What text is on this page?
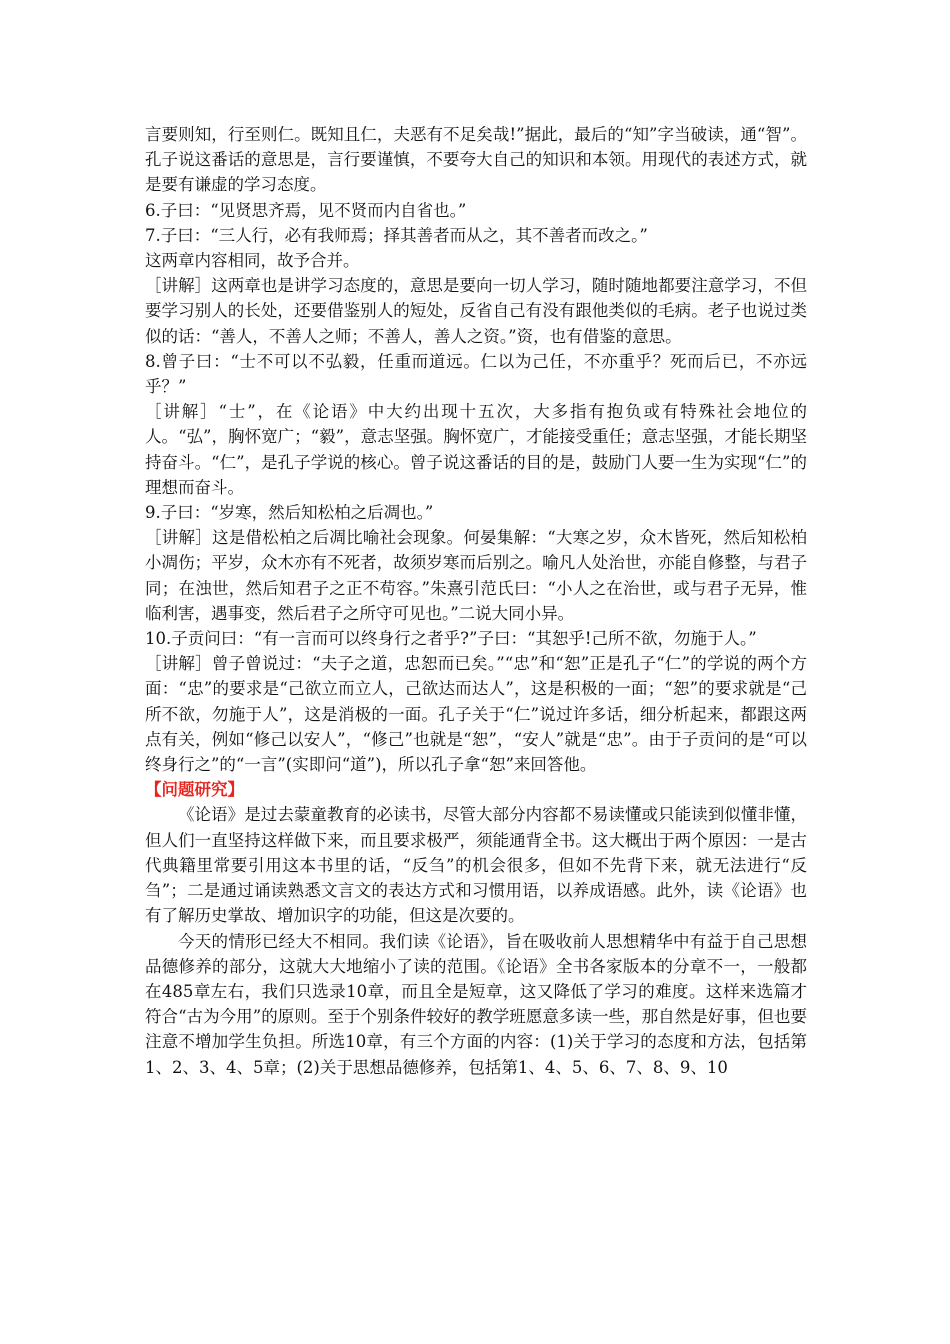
言要则知，行至则仁。既知且仁，夫恶有不足矣哉!”据此，最后的“知”字当破读，通“智”。孔子说这番话的意思是，言行要谨慎，不要夸大自己的知识和本领。用现代的表述方式，就是要有谦虚的学习态度。

6.子曰：“见贤思齐焉，见不贤而内自省也。”

7.子曰：“三人行，必有我师焉；择其善者而从之，其不善者而改之。”

这两章内容相同，故予合并。

［讲解］这两章也是讲学习态度的，意思是要向一切人学习，随时随地都要注意学习，不但要学习别人的长处，还要借鉴别人的短处，反省自己有没有跟他类似的毛病。老子也说过类似的话：“善人，不善人之师；不善人，善人之资。”资，也有借鉴的意思。

8.曾子曰：“士不可以不弘毅，任重而道远。仁以为己任，不亦重乎？死而后已，不亦远乎？”

［讲解］“士”，在《论语》中大约出现十五次，大多指有抱负或有特殊社会地位的人。“弘”，胸怀宽广；“毅”，意志坚强。胸怀宽广，才能接受重任；意志坚强，才能长期坚持奋斗。“仁”，是孔子学说的核心。曾子说这番话的目的是，鼓励门人要一生为实现“仁”的理想而奋斗。

9.子曰：“岁寒，然后知松柏之后凋也。”

［讲解］这是借松柏之后凋比喻社会现象。何晏集解：“大寒之岁，众木皆死，然后知松柏小凋伤；平岁，众木亦有不死者，故须岁寒而后别之。喻凡人处治世，亦能自修整，与君子同；在浊世，然后知君子之正不苟容。”朱熹引范氏曰：“小人之在治世，或与君子无异，惟临利害，遇事变，然后君子之所守可见也。”二说大同小异。

10.子贡问曰：“有一言而可以终身行之者乎?”子曰：“其恕乎!己所不欲，勿施于人。”

［讲解］曾子曾说过：“夫子之道，忠恕而已矣。”“忠”和“恕”正是孔子“仁”的学说的两个方面：“忠”的要求是“己欲立而立人，己欲达而达人”，这是积极的一面；“恕”的要求就是“己所不欲，勿施于人”，这是消极的一面。孔子关于“仁”说过许多话，细分析起来，都跟这两点有关，例如“修己以安人”，“修己”也就是“恕”，“安人”就是“忠”。由于子贡问的是“可以终身行之”的“一言”(实即问“道”)，所以孔子拿“恕”来回答他。

【问题研究】

《论语》是过去蒙童教育的必读书，尽管大部分内容都不易读懂或只能读到似懂非懂，但人们一直坚持这样做下来，而且要求极严，须能通背全书。这大概出于两个原因：一是古代典籍里常要引用这本书里的话，“反刍”的机会很多，但如不先背下来，就无法进行“反刍”；二是通过诵读熟悉文言文的表达方式和习惯用语，以养成语感。此外，读《论语》也有了解历史掌故、增加识字的功能，但这是次要的。

今天的情形已经大不相同。我们读《论语》，旨在吸收前人思想精华中有益于自己思想品德修养的部分，这就大大地缩小了读的范围。《论语》全书各家版本的分章不一，一般都在485章左右，我们只选录10章，而且全是短章，这又降低了学习的难度。这样来选篇才符合“古为今用”的原则。至于个别条件较好的教学班愿意多读一些，那自然是好事，但也要注意不增加学生负担。所选10章，有三个方面的内容：(1)关于学习的态度和方法，包括第1、2、3、4、5章；(2)关于思想品德修养，包括第1、4、5、6、7、8、9、10
